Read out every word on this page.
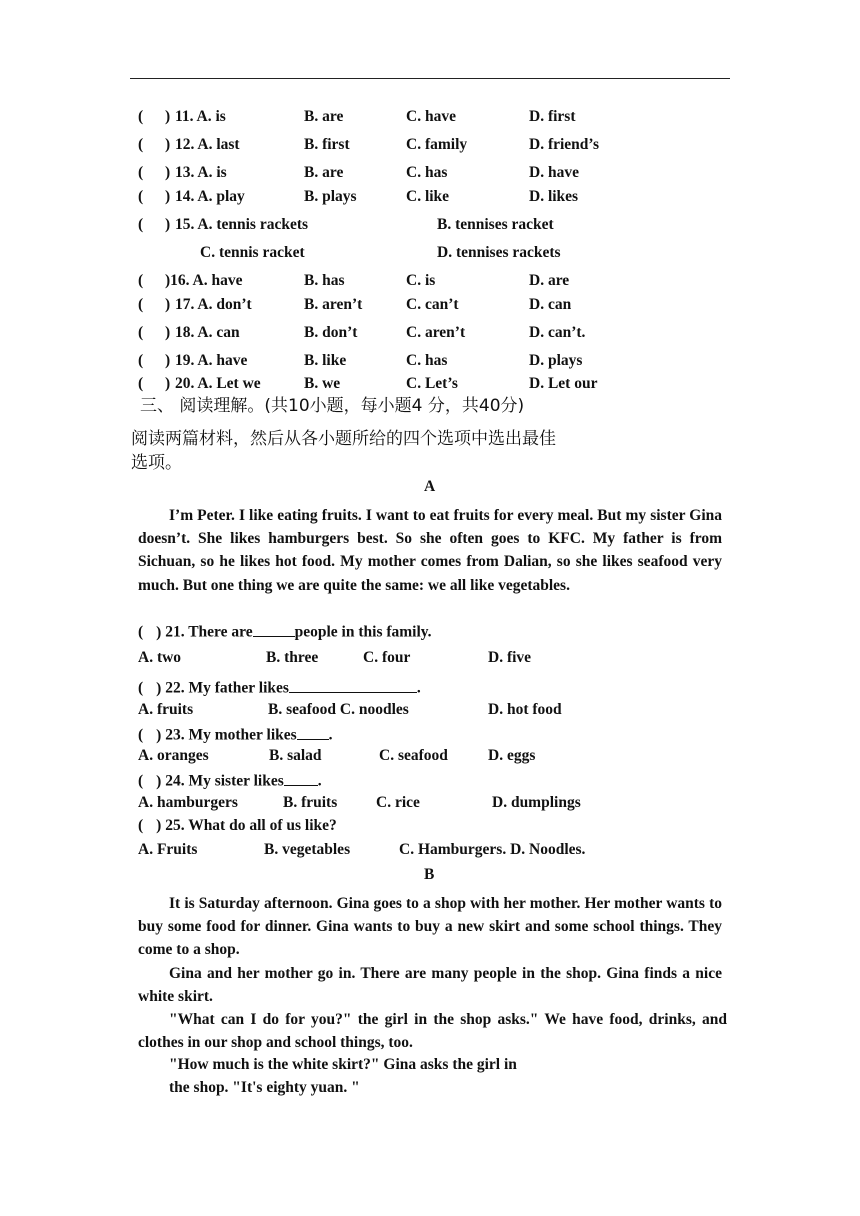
( ) 11. A. is	B. are	C. have	D. first
( ) 12. A. last	B. first	C. family	D. friend’s
( ) 13. A. is	B. are	C. has	D. have
( ) 14. A. play	B. plays	C. like	D. likes
( ) 15. A. tennis rackets	B. tennises racket
C. tennis racket	D. tennises rackets
( )16. A. have	B. has	C. is	D. are
( ) 17. A. don’t	B. aren’t	C. can’t	D. can
( ) 18. A. can	B. don’t	C. aren’t	D. can’t.
( ) 19. A. have	B. like	C. has	D. plays
( ) 20. A. Let we	B. we	C. Let’s	D. Let our
三、 阅读理解。(共10小题，每小题4 分，共40分)
阅读两篇材料，然后从各小题所给的四个选项中选出最佳
选项。
A
I’m Peter. I like eating fruits. I want to eat fruits for every meal. But my sister Gina doesn’t. She likes hamburgers best. So she often goes to KFC. My father is from Sichuan, so he likes hot food. My mother comes from Dalian, so she likes seafood very much. But one thing we are quite the same: we all like vegetables.
( ) 21. There are	people in this family.
A. two	B. three	C. four	D. five
( ) 22. My father likes	.
A. fruits	B. seafood C. noodles	D. hot food
( ) 23. My mother likes .
A. oranges	B. salad	C. seafood	D. eggs
( ) 24. My sister likes .
A. hamburgers	B. fruits	C. rice	D. dumplings
( ) 25. What do all of us like?
A. Fruits	B. vegetables	C. Hamburgers. D. Noodles.
B
It is Saturday afternoon. Gina goes to a shop with her mother. Her mother wants to buy some food for dinner. Gina wants to buy a new skirt and some school things. They come to a shop.
Gina and her mother go in. There are many people in the shop. Gina finds a nice white skirt.
"What can I do for you?" the girl in the shop asks." We have food, drinks, and clothes in our shop and school things, too.
"How much is the white skirt?" Gina asks the girl in
the shop. "It's eighty yuan. "
